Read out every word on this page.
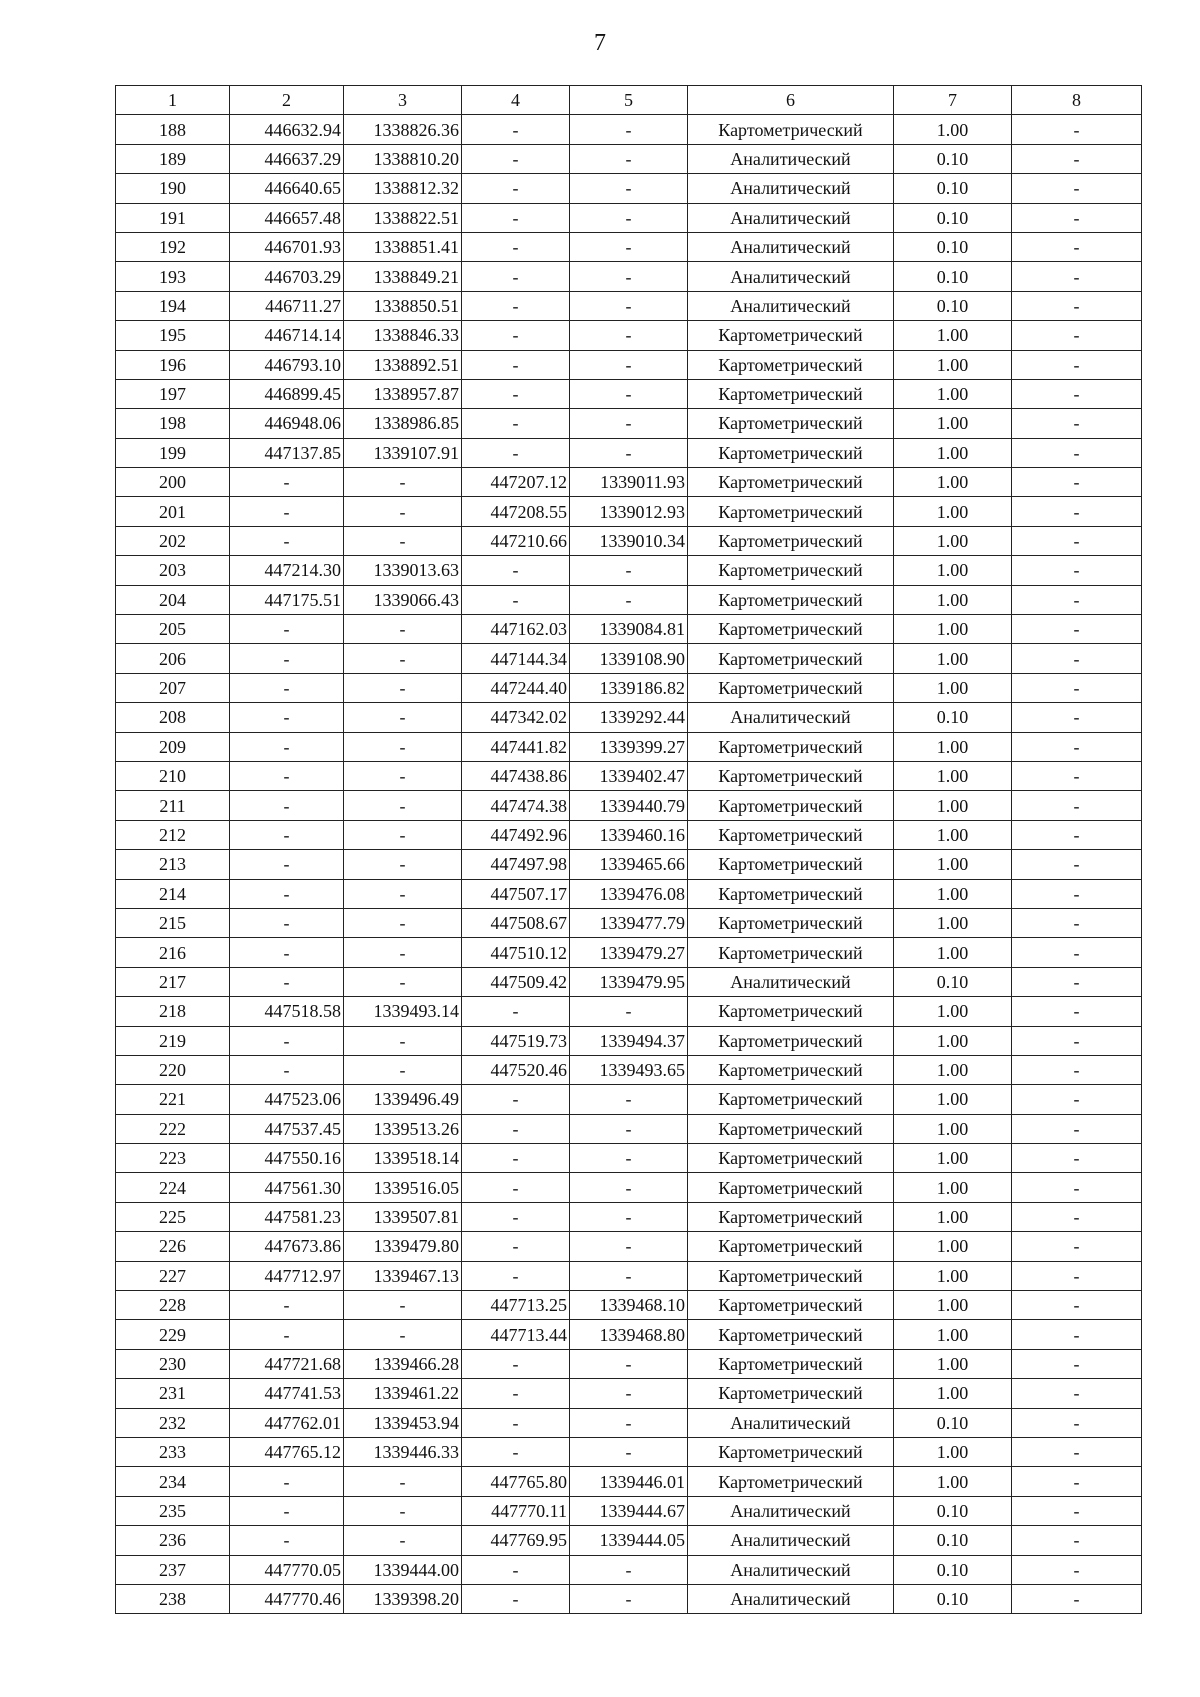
7
1	2	3	4	5	6	7	8
188	446632.94	1338826.36	-	-	Картометрический	1.00	-
189	446637.29	1338810.20	-	-	Аналитический	0.10	-
190	446640.65	1338812.32	-	-	Аналитический	0.10	-
191	446657.48	1338822.51	-	-	Аналитический	0.10	-
192	446701.93	1338851.41	-	-	Аналитический	0.10	-
193	446703.29	1338849.21	-	-	Аналитический	0.10	-
194	446711.27	1338850.51	-	-	Аналитический	0.10	-
195	446714.14	1338846.33	-	-	Картометрический	1.00	-
196	446793.10	1338892.51	-	-	Картометрический	1.00	-
197	446899.45	1338957.87	-	-	Картометрический	1.00	-
198	446948.06	1338986.85	-	-	Картометрический	1.00	-
199	447137.85	1339107.91	-	-	Картометрический	1.00	-
200	-	-	447207.12	1339011.93	Картометрический	1.00	-
201	-	-	447208.55	1339012.93	Картометрический	1.00	-
202	-	-	447210.66	1339010.34	Картометрический	1.00	-
203	447214.30	1339013.63	-	-	Картометрический	1.00	-
204	447175.51	1339066.43	-	-	Картометрический	1.00	-
205	-	-	447162.03	1339084.81	Картометрический	1.00	-
206	-	-	447144.34	1339108.90	Картометрический	1.00	-
207	-	-	447244.40	1339186.82	Картометрический	1.00	-
208	-	-	447342.02	1339292.44	Аналитический	0.10	-
209	-	-	447441.82	1339399.27	Картометрический	1.00	-
210	-	-	447438.86	1339402.47	Картометрический	1.00	-
211	-	-	447474.38	1339440.79	Картометрический	1.00	-
212	-	-	447492.96	1339460.16	Картометрический	1.00	-
213	-	-	447497.98	1339465.66	Картометрический	1.00	-
214	-	-	447507.17	1339476.08	Картометрический	1.00	-
215	-	-	447508.67	1339477.79	Картометрический	1.00	-
216	-	-	447510.12	1339479.27	Картометрический	1.00	-
217	-	-	447509.42	1339479.95	Аналитический	0.10	-
218	447518.58	1339493.14	-	-	Картометрический	1.00	-
219	-	-	447519.73	1339494.37	Картометрический	1.00	-
220	-	-	447520.46	1339493.65	Картометрический	1.00	-
221	447523.06	1339496.49	-	-	Картометрический	1.00	-
222	447537.45	1339513.26	-	-	Картометрический	1.00	-
223	447550.16	1339518.14	-	-	Картометрический	1.00	-
224	447561.30	1339516.05	-	-	Картометрический	1.00	-
225	447581.23	1339507.81	-	-	Картометрический	1.00	-
226	447673.86	1339479.80	-	-	Картометрический	1.00	-
227	447712.97	1339467.13	-	-	Картометрический	1.00	-
228	-	-	447713.25	1339468.10	Картометрический	1.00	-
229	-	-	447713.44	1339468.80	Картометрический	1.00	-
230	447721.68	1339466.28	-	-	Картометрический	1.00	-
231	447741.53	1339461.22	-	-	Картометрический	1.00	-
232	447762.01	1339453.94	-	-	Аналитический	0.10	-
233	447765.12	1339446.33	-	-	Картометрический	1.00	-
234	-	-	447765.80	1339446.01	Картометрический	1.00	-
235	-	-	447770.11	1339444.67	Аналитический	0.10	-
236	-	-	447769.95	1339444.05	Аналитический	0.10	-
237	447770.05	1339444.00	-	-	Аналитический	0.10	-
238	447770.46	1339398.20	-	-	Аналитический	0.10	-
